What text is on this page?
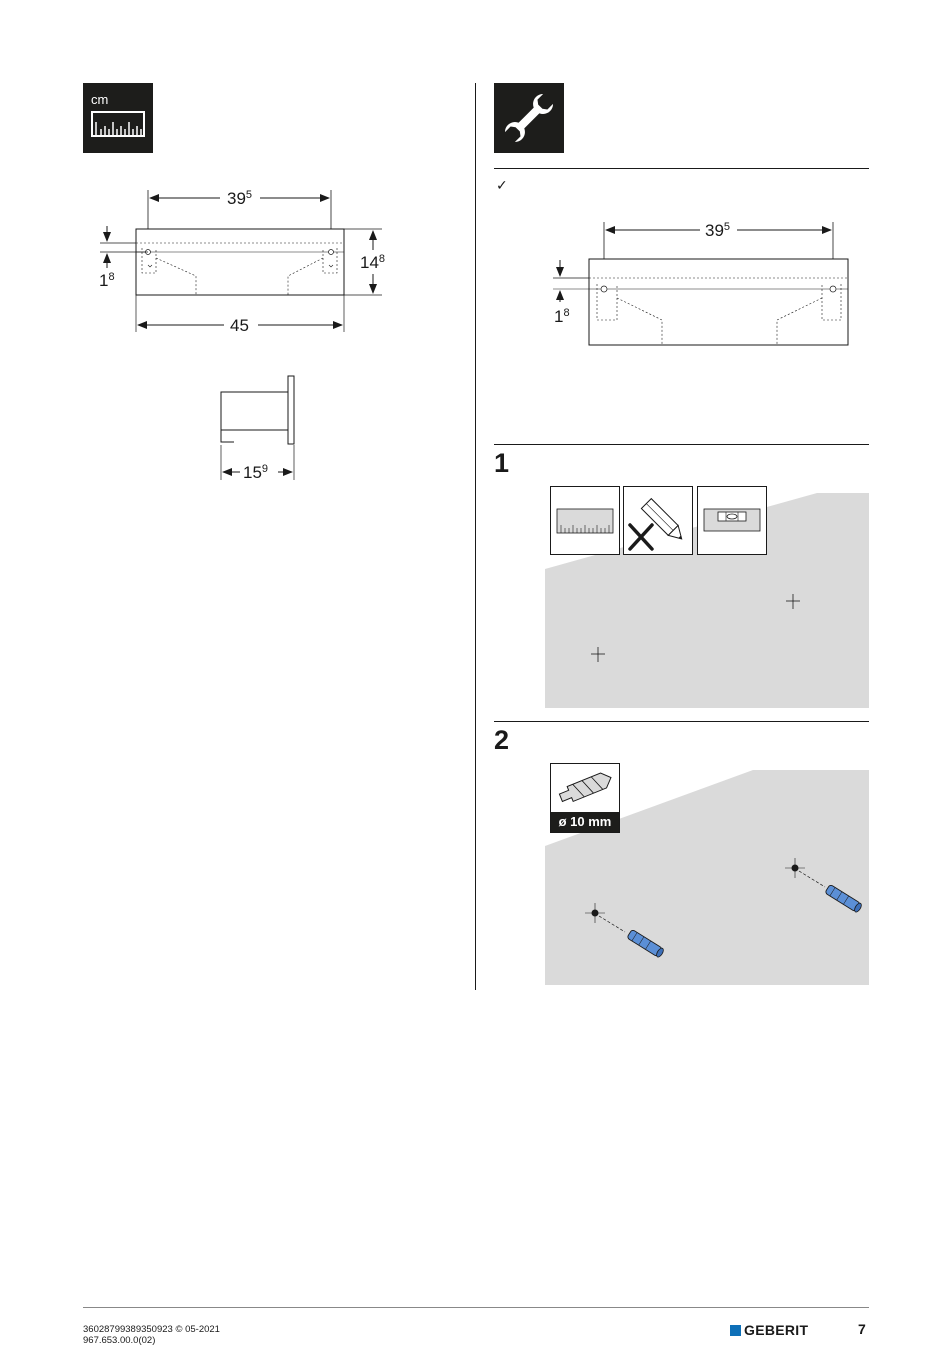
cm
$39^5$
$1^8$
$14^8$
45
$15^9$
✓
$39^5$
$1^8$
1
2
ø 10 mm
36028799389350923 © 05-2021
967.653.00.0(02)
GEBERIT	7
